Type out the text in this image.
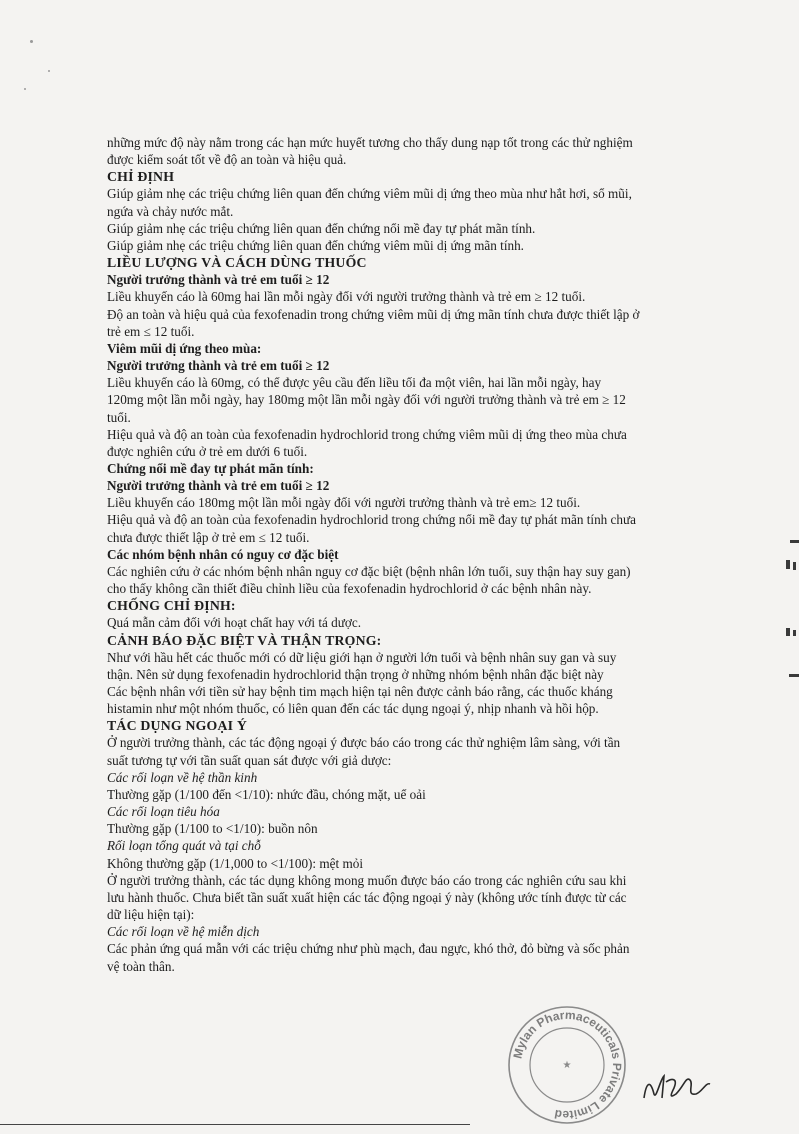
những mức độ này nằm trong các hạn mức huyết tương cho thấy dung nạp tốt trong các thử nghiệm

được kiểm soát tốt về độ an toàn và hiệu quả.

CHỈ ĐỊNH

Giúp giảm nhẹ các triệu chứng liên quan đến chứng viêm mũi dị ứng theo mùa như hắt hơi, sổ mũi,

ngứa và chảy nước mắt.

Giúp giảm nhẹ các triệu chứng liên quan đến chứng nổi mề đay tự phát mãn tính.

Giúp giảm nhẹ các triệu chứng liên quan đến chứng viêm mũi dị ứng mãn tính.

LIỀU LƯỢNG VÀ CÁCH DÙNG THUỐC

Người trưởng thành và trẻ em tuổi ≥ 12

Liều khuyến cáo là 60mg hai lần mỗi ngày đối với người trưởng thành và trẻ em ≥ 12 tuổi.

Độ an toàn và hiệu quả của fexofenadin trong chứng viêm mũi dị ứng mãn tính chưa được thiết lập ở

trẻ em ≤ 12 tuổi.

Viêm mũi dị ứng theo mùa:

Người trưởng thành và trẻ em tuổi ≥ 12

Liều khuyến cáo là 60mg, có thể được yêu cầu đến liều tối đa một viên, hai lần mỗi ngày, hay

120mg một lần mỗi ngày, hay 180mg một lần mỗi ngày đối với người trưởng thành và trẻ em ≥ 12

tuổi.

Hiệu quả và độ an toàn của fexofenadin hydrochlorid trong chứng viêm mũi dị ứng theo mùa chưa

được nghiên cứu ở trẻ em dưới 6 tuổi.

Chứng nổi mề đay tự phát mãn tính:

Người trưởng thành và trẻ em tuổi ≥ 12

Liều khuyến cáo 180mg một lần mỗi ngày đối với người trưởng thành và trẻ em≥ 12 tuổi.

Hiệu quả và độ an toàn của fexofenadin hydrochlorid trong chứng nổi mề đay tự phát mãn tính chưa

chưa được thiết lập ở trẻ em ≤ 12 tuổi.

Các nhóm bệnh nhân có nguy cơ đặc biệt

Các nghiên cứu ở các nhóm bệnh nhân nguy cơ đặc biệt (bệnh nhân lớn tuổi, suy thận hay suy gan)

cho thấy không cần thiết điều chỉnh liều của fexofenadin hydrochlorid ở các bệnh nhân này.

CHỐNG CHỈ ĐỊNH:

Quá mẫn cảm đối với hoạt chất hay với tá dược.

CẢNH BÁO ĐẶC BIỆT VÀ THẬN TRỌNG:

Như với hầu hết các thuốc mới có dữ liệu giới hạn ở người lớn tuổi và bệnh nhân suy gan và suy

thận. Nên sử dụng fexofenadin hydrochlorid thận trọng ở những nhóm bệnh nhân đặc biệt này

Các bệnh nhân với tiền sử hay bệnh tim mạch hiện tại nên được cảnh báo rằng, các thuốc kháng

histamin như một nhóm thuốc, có liên quan đến các tác dụng ngoại ý, nhịp nhanh và hồi hộp.

TÁC DỤNG NGOẠI Ý

Ở người trưởng thành, các tác động ngoại ý được báo cáo trong các thử nghiệm lâm sàng, với tần

suất tương tự với tần suất quan sát được với giả dược:

Các rối loạn về hệ thần kinh

Thường gặp (1/100 đến <1/10): nhức đầu, chóng mặt, uể oải

Các rối loạn tiêu hóa

Thường gặp (1/100 to <1/10): buồn nôn

Rối loạn tổng quát và tại chỗ

Không thường gặp (1/1,000 to <1/100): mệt mỏi

Ở người trưởng thành, các tác dụng không mong muốn được báo cáo trong các nghiên cứu sau khi

lưu hành thuốc. Chưa biết tần suất xuất hiện các tác động ngoại ý này (không ước tính được từ các

dữ liệu hiện tại):

Các rối loạn về hệ miễn dịch

Các phản ứng quá mẫn với các triệu chứng như phù mạch, đau ngực, khó thở, đỏ bừng và sốc phản

vệ toàn thân.

Mylan Pharmaceuticals Private Limited
★
